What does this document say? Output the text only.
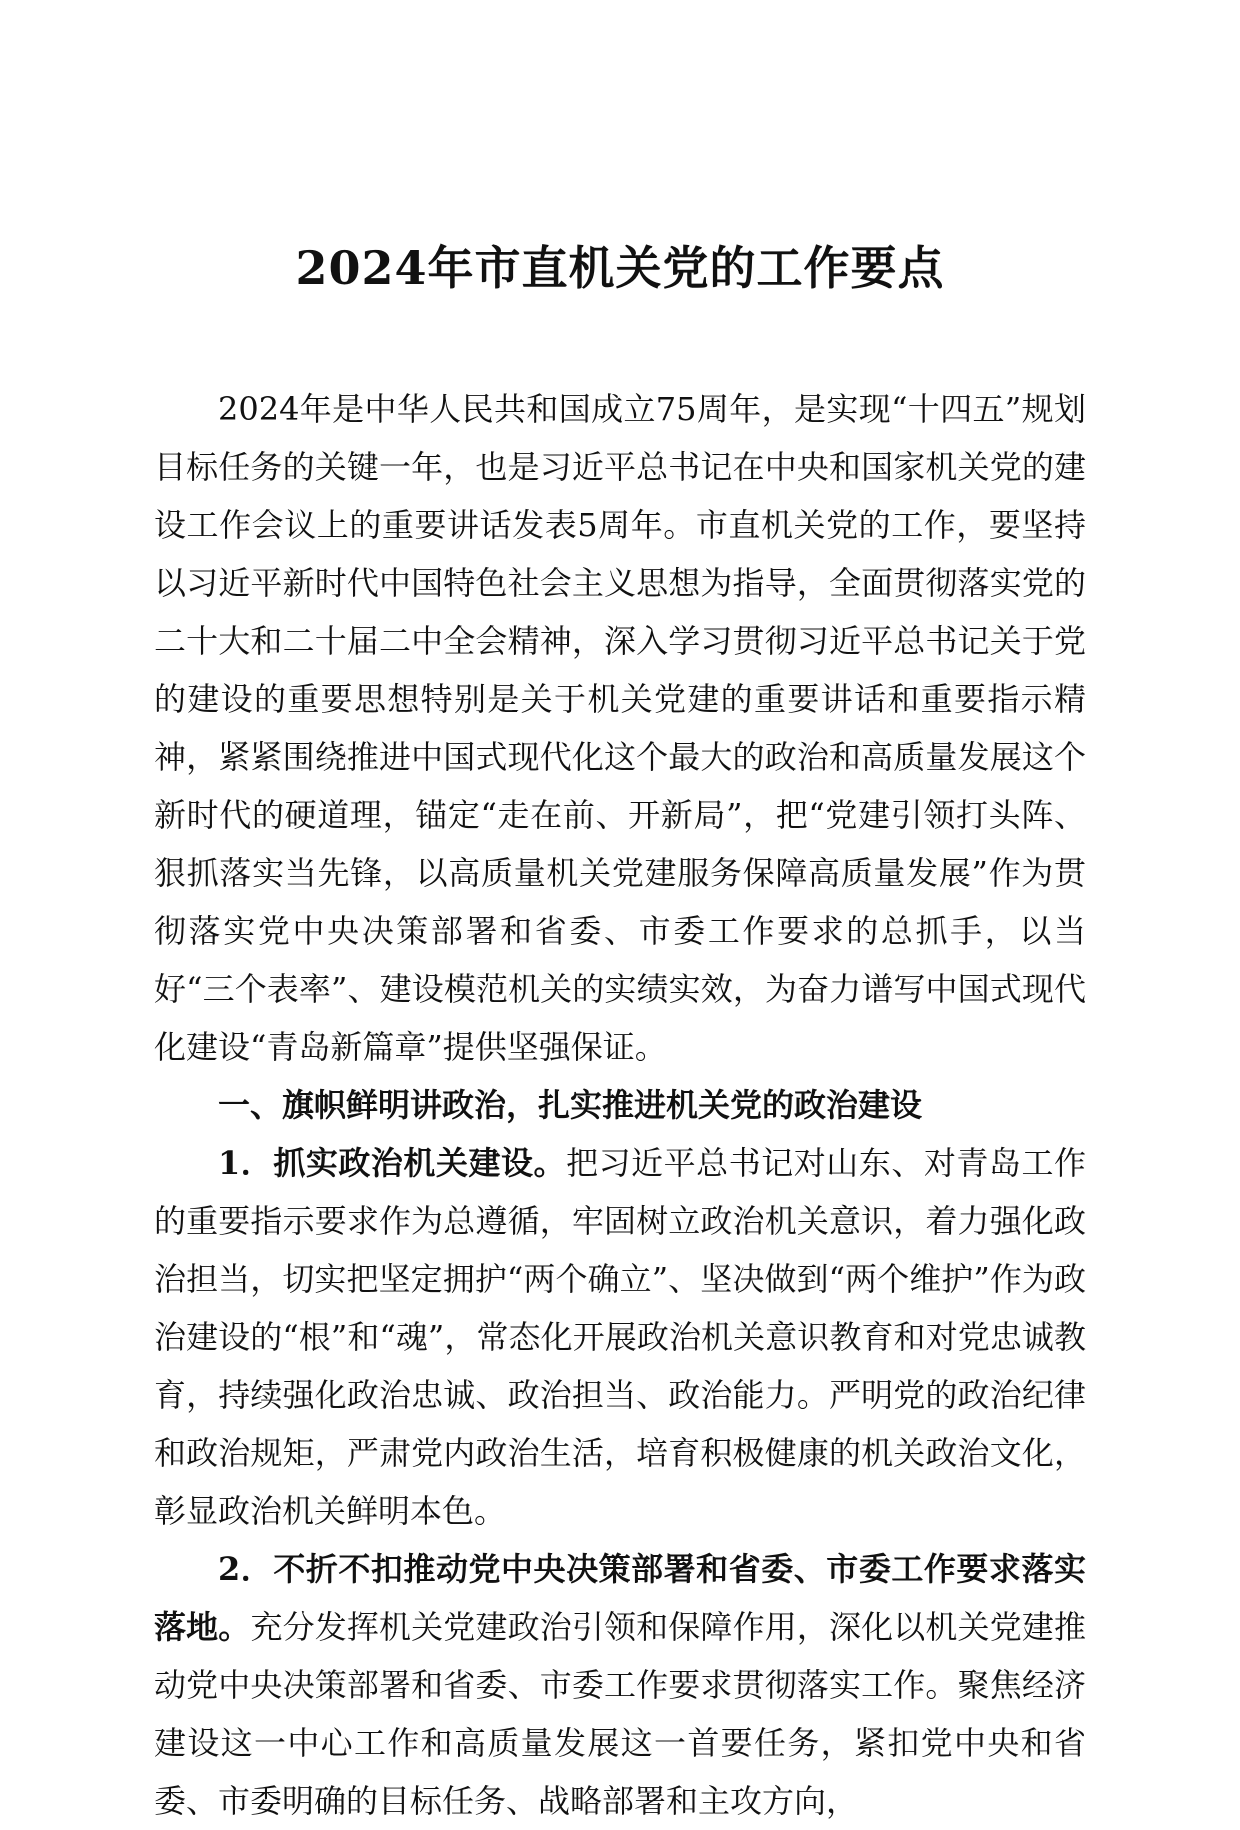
2024年市直机关党的工作要点

2024年是中华人民共和国成立75周年，是实现“十四五”规划目标任务的关键一年，也是习近平总书记在中央和国家机关党的建设工作会议上的重要讲话发表5周年。市直机关党的工作，要坚持以习近平新时代中国特色社会主义思想为指导，全面贯彻落实党的二十大和二十届二中全会精神，深入学习贯彻习近平总书记关于党的建设的重要思想特别是关于机关党建的重要讲话和重要指示精神，紧紧围绕推进中国式现代化这个最大的政治和高质量发展这个新时代的硬道理，锚定“走在前、开新局”，把“党建引领打头阵、狠抓落实当先锋，以高质量机关党建服务保障高质量发展”作为贯彻落实党中央决策部署和省委、市委工作要求的总抓手，以当好“三个表率”、建设模范机关的实绩实效，为奋力谱写中国式现代化建设“青岛新篇章”提供坚强保证。

一、旗帜鲜明讲政治，扎实推进机关党的政治建设

1．抓实政治机关建设。把习近平总书记对山东、对青岛工作的重要指示要求作为总遵循，牢固树立政治机关意识，着力强化政治担当，切实把坚定拥护“两个确立”、坚决做到“两个维护”作为政治建设的“根”和“魂”，常态化开展政治机关意识教育和对党忠诚教育，持续强化政治忠诚、政治担当、政治能力。严明党的政治纪律和政治规矩，严肃党内政治生活，培育积极健康的机关政治文化，彰显政治机关鲜明本色。

2．不折不扣推动党中央决策部署和省委、市委工作要求落实落地。充分发挥机关党建政治引领和保障作用，深化以机关党建推动党中央决策部署和省委、市委工作要求贯彻落实工作。聚焦经济建设这一中心工作和高质量发展这一首要任务，紧扣党中央和省委、市委明确的目标任务、战略部署和主攻方向，
